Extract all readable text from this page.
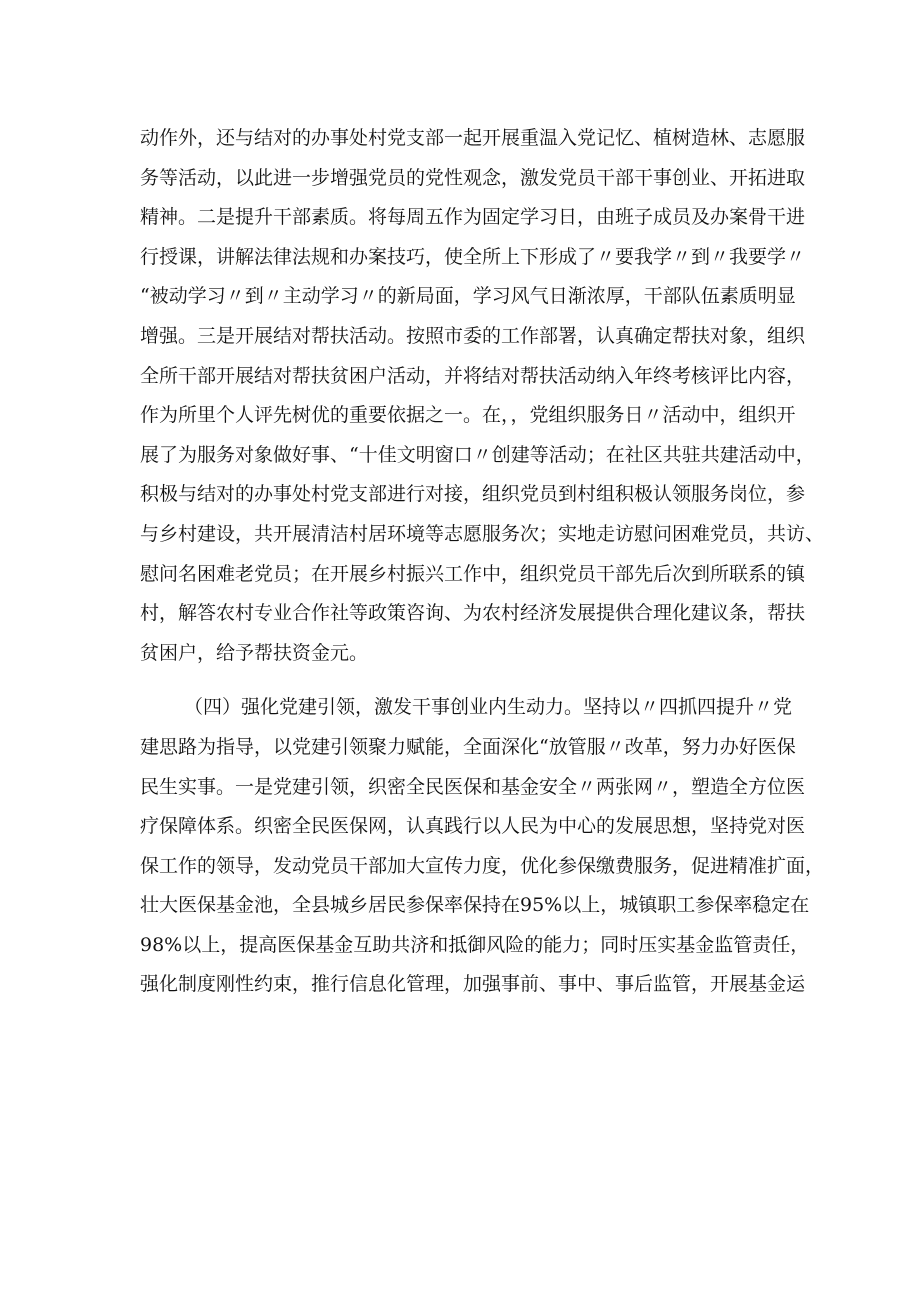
动作外，还与结对的办事处村党支部一起开展重温入党记忆、植树造林、志愿服
务等活动，以此进一步增强党员的党性观念，激发党员干部干事创业、开拓进取
精神。二是提升干部素质。将每周五作为固定学习日，由班子成员及办案骨干进
行授课，讲解法律法规和办案技巧，使全所上下形成了〃要我学〃到〃我要学〃
“被动学习〃到〃主动学习〃的新局面，学习风气日渐浓厚，干部队伍素质明显
增强。三是开展结对帮扶活动。按照市委的工作部署，认真确定帮扶对象，组织
全所干部开展结对帮扶贫困户活动，并将结对帮扶活动纳入年终考核评比内容，
作为所里个人评先树优的重要依据之一。在，，党组织服务日〃活动中，组织开
展了为服务对象做好事、“十佳文明窗口〃创建等活动；在社区共驻共建活动中，
积极与结对的办事处村党支部进行对接，组织党员到村组积极认领服务岗位，参
与乡村建设，共开展清洁村居环境等志愿服务次；实地走访慰问困难党员，共访、
慰问名困难老党员；在开展乡村振兴工作中，组织党员干部先后次到所联系的镇
村，解答农村专业合作社等政策咨询、为农村经济发展提供合理化建议条，帮扶
贫困户，给予帮扶资金元。
（四）强化党建引领，激发干事创业内生动力。坚持以〃四抓四提升〃党
建思路为指导，以党建引领聚力赋能，全面深化“放管服〃改革，努力办好医保
民生实事。一是党建引领，织密全民医保和基金安全〃两张网〃，塑造全方位医
疗保障体系。织密全民医保网，认真践行以人民为中心的发展思想，坚持党对医
保工作的领导，发动党员干部加大宣传力度，优化参保缴费服务，促进精准扩面，
壮大医保基金池，全县城乡居民参保率保持在95%以上，城镇职工参保率稳定在
98%以上，提高医保基金互助共济和抵御风险的能力；同时压实基金监管责任，
强化制度刚性约束，推行信息化管理，加强事前、事中、事后监管，开展基金运
